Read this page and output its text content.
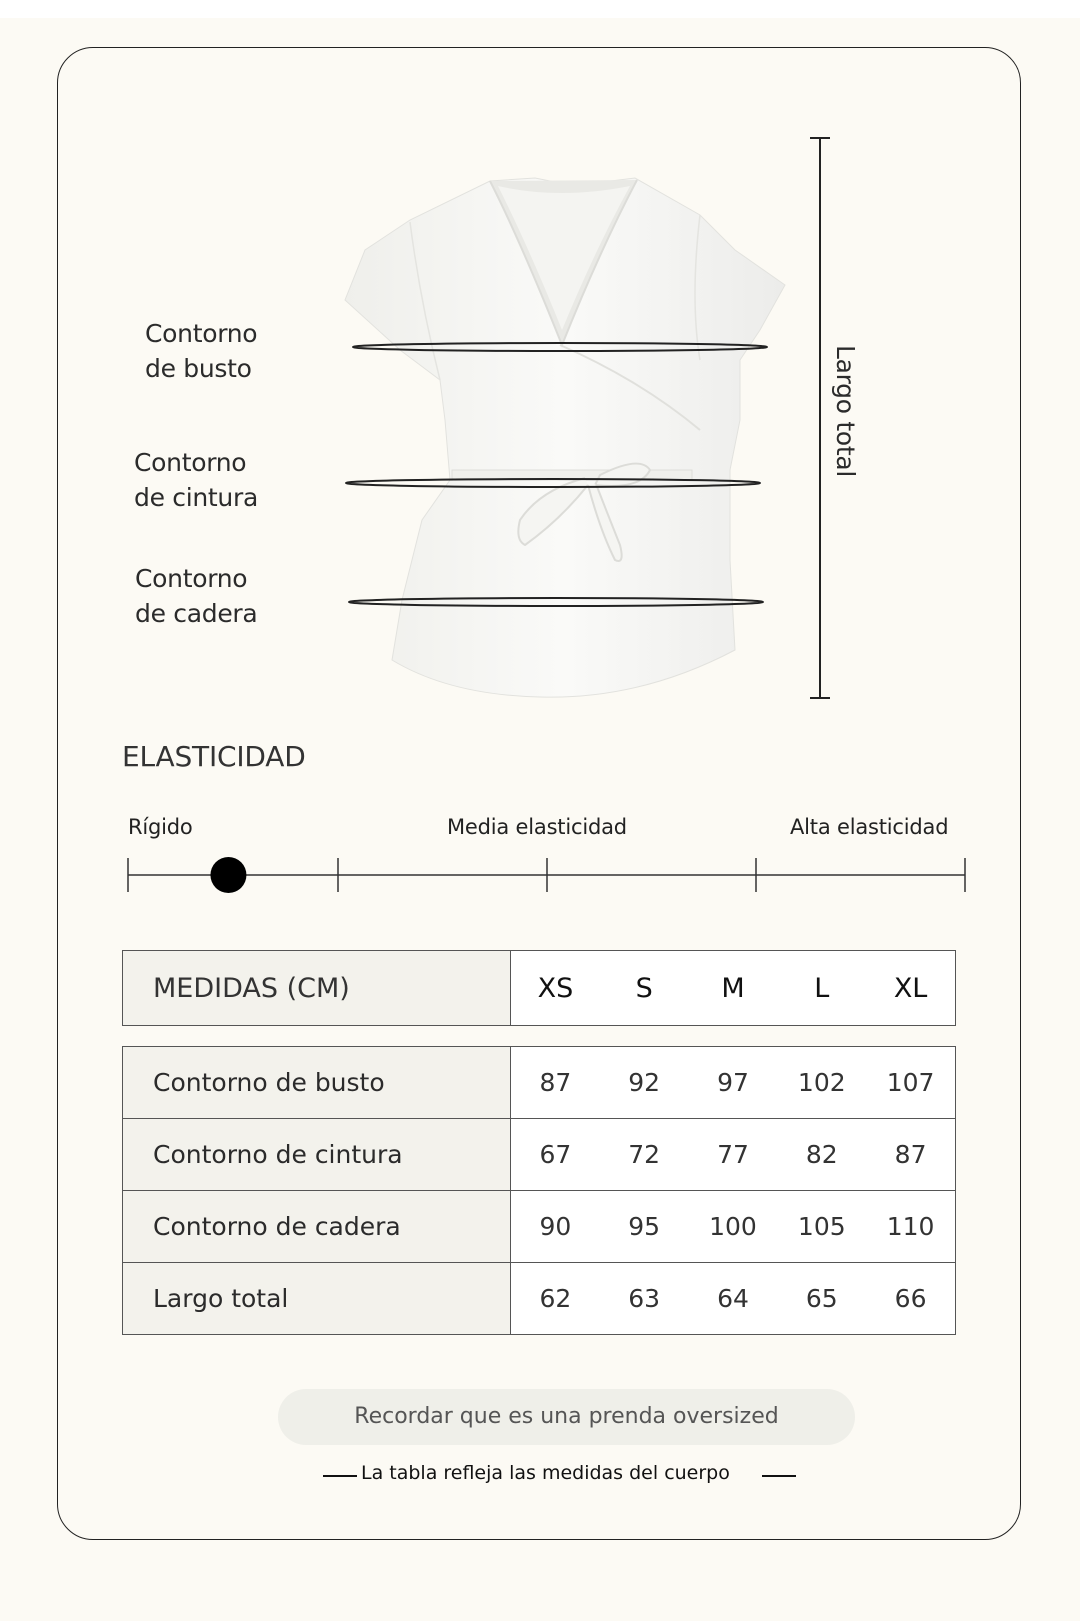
Contorno
de busto
Contorno
de cintura
Contorno
de cadera
Largo total
ELASTICIDAD
Rígido	Media elasticidad	Alta elasticidad
MEDIDAS (CM)	XS	S	M	L	XL
Contorno de busto	87 92 97 102 107

Contorno de cintura	67 72 77 82 87

Contorno de cadera	90 95 100 105 110

Largo total	62 63 64 65 66
Recordar que es una prenda oversized
La tabla refleja las medidas del cuerpo
